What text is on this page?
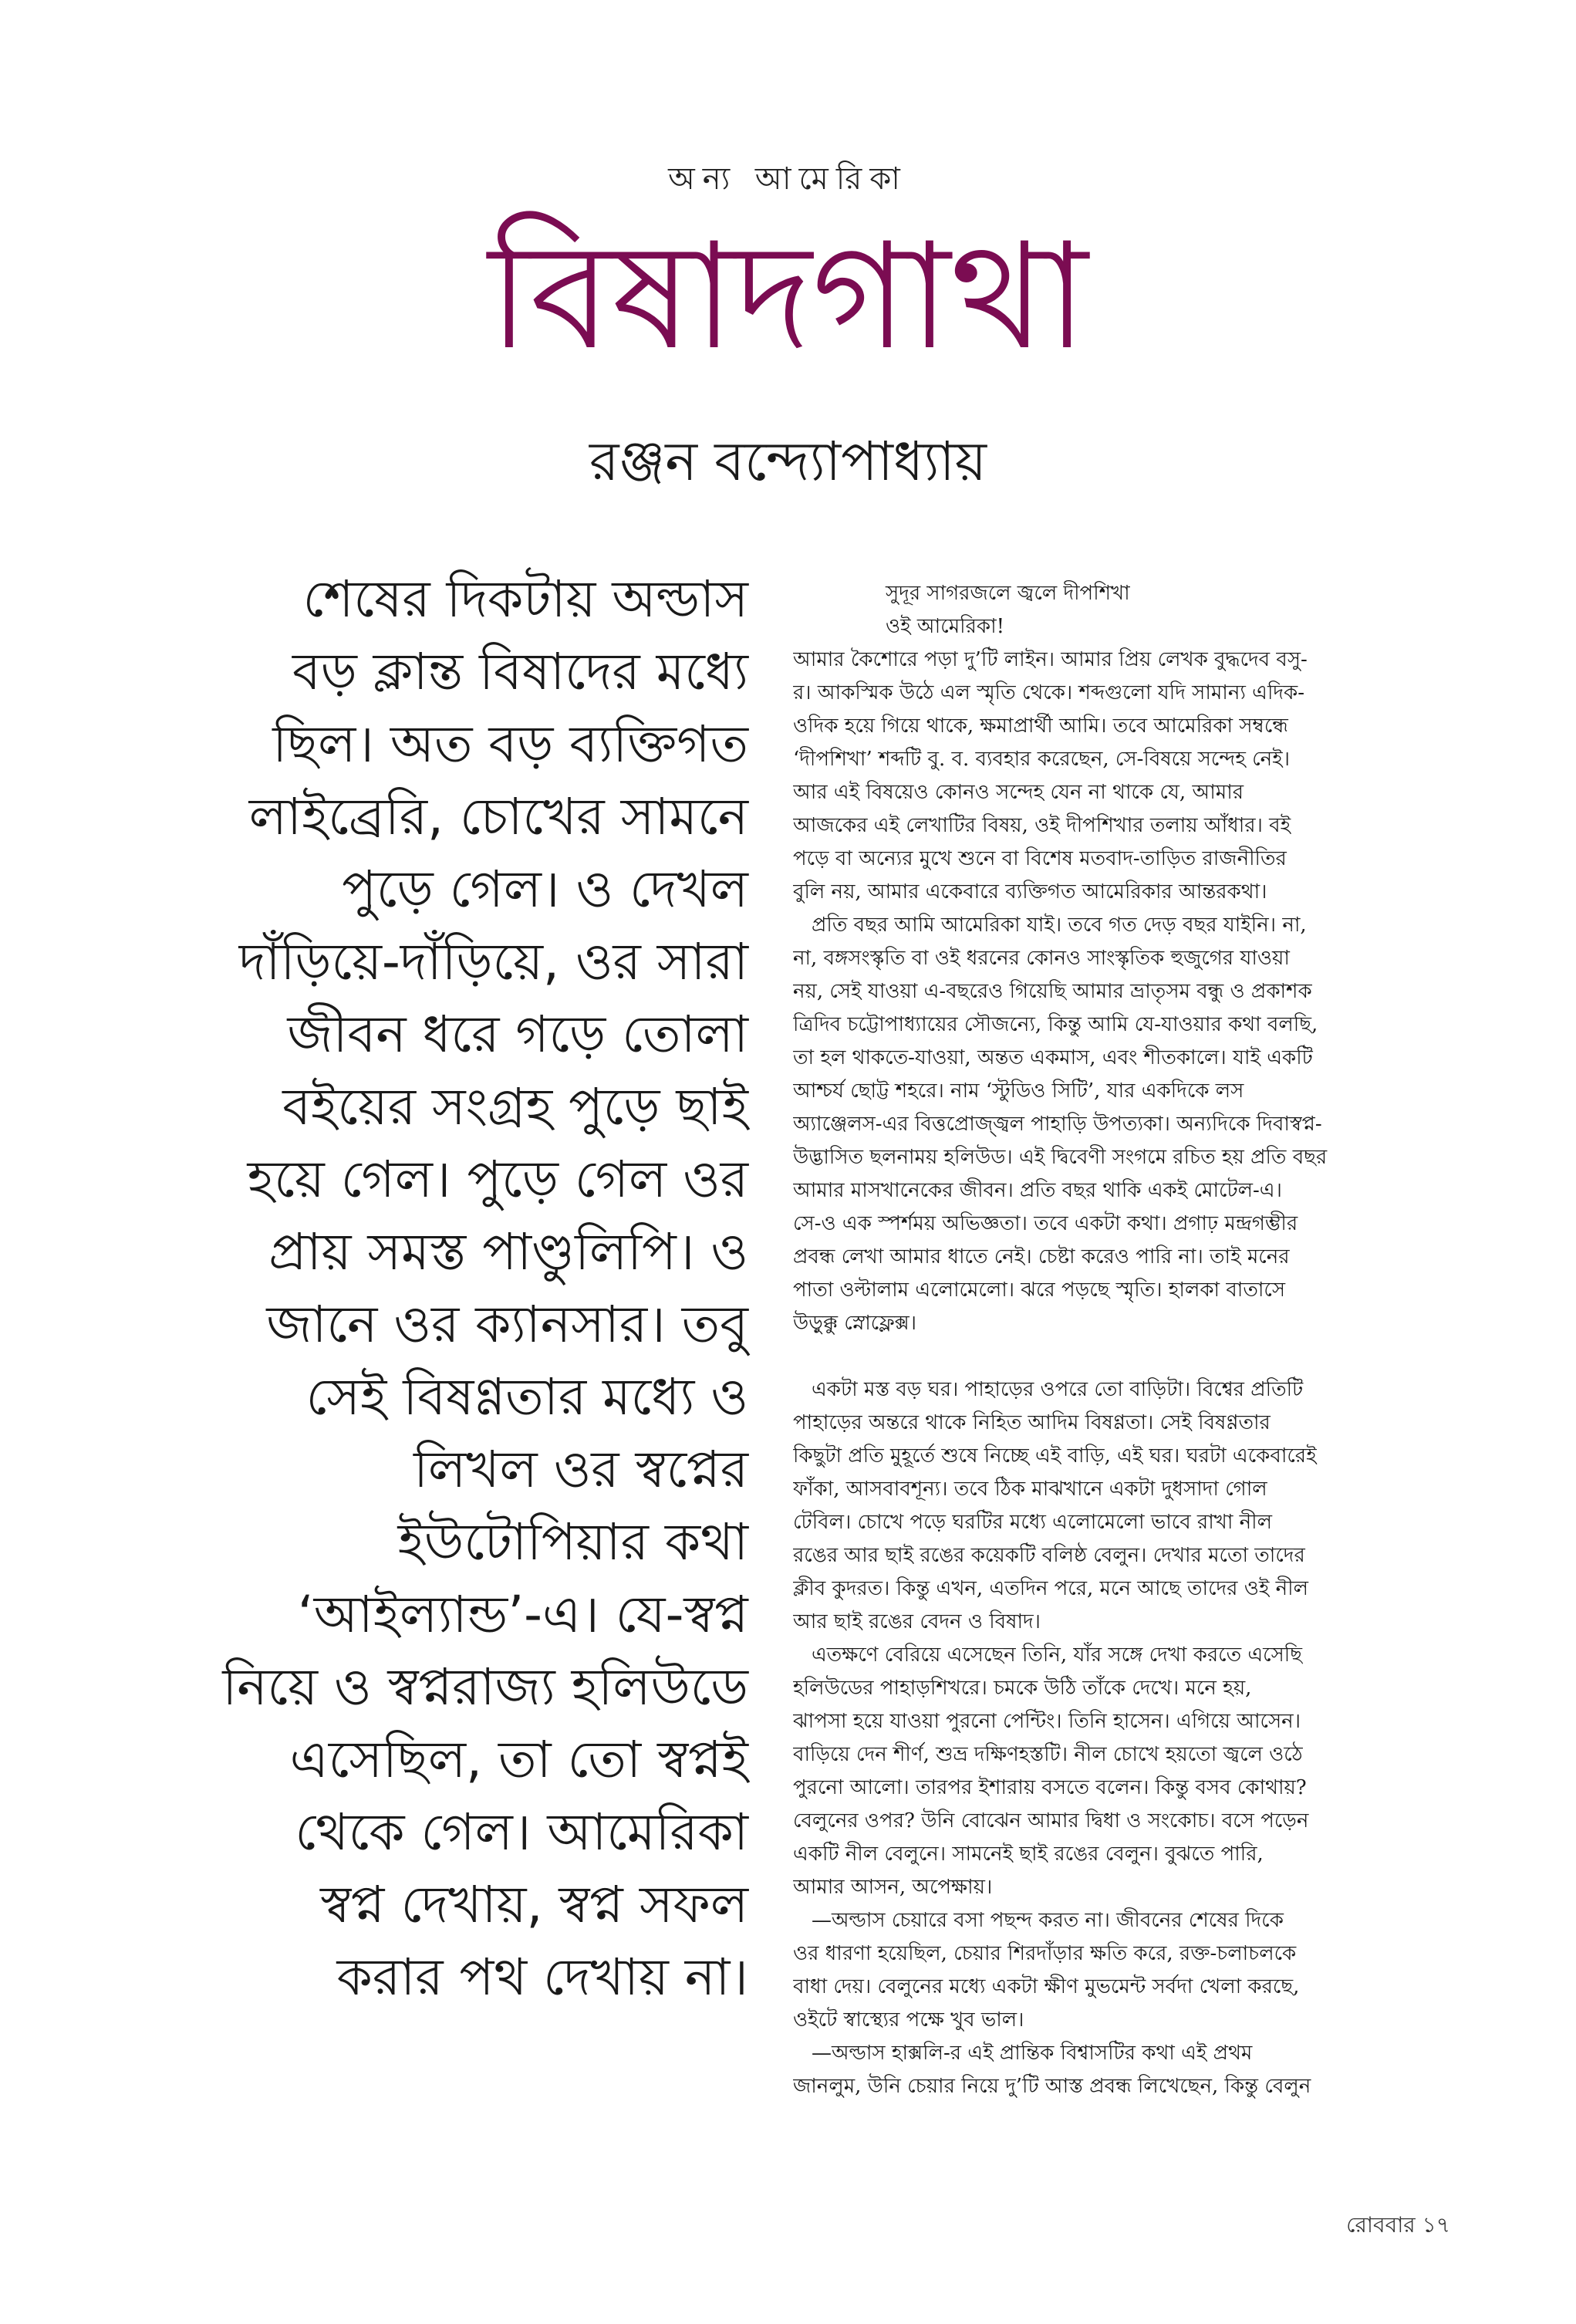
অন্য আমেরিকা
বিষাদগাথা
রঞ্জন বন্দ্যোপাধ্যায়
শেষের দিকটায় অল্ডাস
বড় ক্লান্ত বিষাদের মধ্যে
ছিল। অত বড় ব্যক্তিগত
লাইব্রেরি, চোখের সামনে
পুড়ে গেল। ও দেখল
দাঁড়িয়ে-দাঁড়িয়ে, ওর সারা
জীবন ধরে গড়ে তোলা
বইয়ের সংগ্রহ পুড়ে ছাই
হয়ে গেল। পুড়ে গেল ওর
প্রায় সমস্ত পাণ্ডুলিপি। ও
জানে ওর ক্যানসার। তবু
সেই বিষণ্ণতার মধ্যে ও
লিখল ওর স্বপ্নের
ইউটোপিয়ার কথা
‘আইল্যান্ড’-এ। যে-স্বপ্ন
নিয়ে ও স্বপ্নরাজ্য হলিউডে
এসেছিল, তা তো স্বপ্নই
থেকে গেল। আমেরিকা
স্বপ্ন দেখায়, স্বপ্ন সফল
করার পথ দেখায় না।
সুদূর সাগরজলে জ্বলে দীপশিখা
ওই আমেরিকা!
আমার কৈশোরে পড়া দু’টি লাইন। আমার প্রিয় লেখক বুদ্ধদেব বসু-
র। আকস্মিক উঠে এল স্মৃতি থেকে। শব্দগুলো যদি সামান্য এদিক-
ওদিক হয়ে গিয়ে থাকে, ক্ষমাপ্রার্থী আমি। তবে আমেরিকা সম্বন্ধে
‘দীপশিখা’ শব্দটি বু. ব. ব্যবহার করেছেন, সে-বিষয়ে সন্দেহ নেই।
আর এই বিষয়েও কোনও সন্দেহ যেন না থাকে যে, আমার
আজকের এই লেখাটির বিষয়, ওই দীপশিখার তলায় আঁধার। বই
পড়ে বা অন্যের মুখে শুনে বা বিশেষ মতবাদ-তাড়িত রাজনীতির
বুলি নয়, আমার একেবারে ব্যক্তিগত আমেরিকার আন্তরকথা।
প্রতি বছর আমি আমেরিকা যাই। তবে গত দেড় বছর যাইনি। না,
না, বঙ্গসংস্কৃতি বা ওই ধরনের কোনও সাংস্কৃতিক হুজুগের যাওয়া
নয়, সেই যাওয়া এ-বছরেও গিয়েছি আমার ভ্রাতৃসম বন্ধু ও প্রকাশক
ত্রিদিব চট্টোপাধ্যায়ের সৌজন্যে, কিন্তু আমি যে-যাওয়ার কথা বলছি,
তা হল থাকতে-যাওয়া, অন্তত একমাস, এবং শীতকালে। যাই একটি
আশ্চর্য ছোট্ট শহরে। নাম ‘স্টুডিও সিটি’, যার একদিকে লস
অ্যাঞ্জেলস-এর বিত্তপ্রোজ্জ্বল পাহাড়ি উপত্যকা। অন্যদিকে দিবাস্বপ্ন-
উদ্ভাসিত ছলনাময় হলিউড। এই দ্বিবেণী সংগমে রচিত হয় প্রতি বছর
আমার মাসখানেকের জীবন। প্রতি বছর থাকি একই মোটেল-এ।
সে-ও এক স্পর্শময় অভিজ্ঞতা। তবে একটা কথা। প্রগাঢ় মন্দ্রগম্ভীর
প্রবন্ধ লেখা আমার ধাতে নেই। চেষ্টা করেও পারি না। তাই মনের
পাতা ওল্টালাম এলোমেলো। ঝরে পড়ছে স্মৃতি। হালকা বাতাসে
উড়ুক্কু স্নোফ্লেক্স।
একটা মস্ত বড় ঘর। পাহাড়ের ওপরে তো বাড়িটা। বিশ্বের প্রতিটি
পাহাড়ের অন্তরে থাকে নিহিত আদিম বিষণ্ণতা। সেই বিষণ্ণতার
কিছুটা প্রতি মুহূর্তে শুষে নিচ্ছে এই বাড়ি, এই ঘর। ঘরটা একেবারেই
ফাঁকা, আসবাবশূন্য। তবে ঠিক মাঝখানে একটা দুধসাদা গোল
টেবিল। চোখে পড়ে ঘরটির মধ্যে এলোমেলো ভাবে রাখা নীল
রঙের আর ছাই রঙের কয়েকটি বলিষ্ঠ বেলুন। দেখার মতো তাদের
ক্লীব কুদরত। কিন্তু এখন, এতদিন পরে, মনে আছে তাদের ওই নীল
আর ছাই রঙের বেদন ও বিষাদ।
এতক্ষণে বেরিয়ে এসেছেন তিনি, যাঁর সঙ্গে দেখা করতে এসেছি
হলিউডের পাহাড়শিখরে। চমকে উঠি তাঁকে দেখে। মনে হয়,
ঝাপসা হয়ে যাওয়া পুরনো পেন্টিং। তিনি হাসেন। এগিয়ে আসেন।
বাড়িয়ে দেন শীর্ণ, শুভ্র দক্ষিণহস্তটি। নীল চোখে হয়তো জ্বলে ওঠে
পুরনো আলো। তারপর ইশারায় বসতে বলেন। কিন্তু বসব কোথায়?
বেলুনের ওপর? উনি বোঝেন আমার দ্বিধা ও সংকোচ। বসে পড়েন
একটি নীল বেলুনে। সামনেই ছাই রঙের বেলুন। বুঝতে পারি,
আমার আসন, অপেক্ষায়।
—অল্ডাস চেয়ারে বসা পছন্দ করত না। জীবনের শেষের দিকে
ওর ধারণা হয়েছিল, চেয়ার শিরদাঁড়ার ক্ষতি করে, রক্ত-চলাচলকে
বাধা দেয়। বেলুনের মধ্যে একটা ক্ষীণ মুভমেন্ট সর্বদা খেলা করছে,
ওইটে স্বাস্থ্যের পক্ষে খুব ভাল।
—অল্ডাস হাক্সলি-র এই প্রান্তিক বিশ্বাসটির কথা এই প্রথম
জানলুম, উনি চেয়ার নিয়ে দু’টি আস্ত প্রবন্ধ লিখেছেন, কিন্তু বেলুন
রোববার ১৭
